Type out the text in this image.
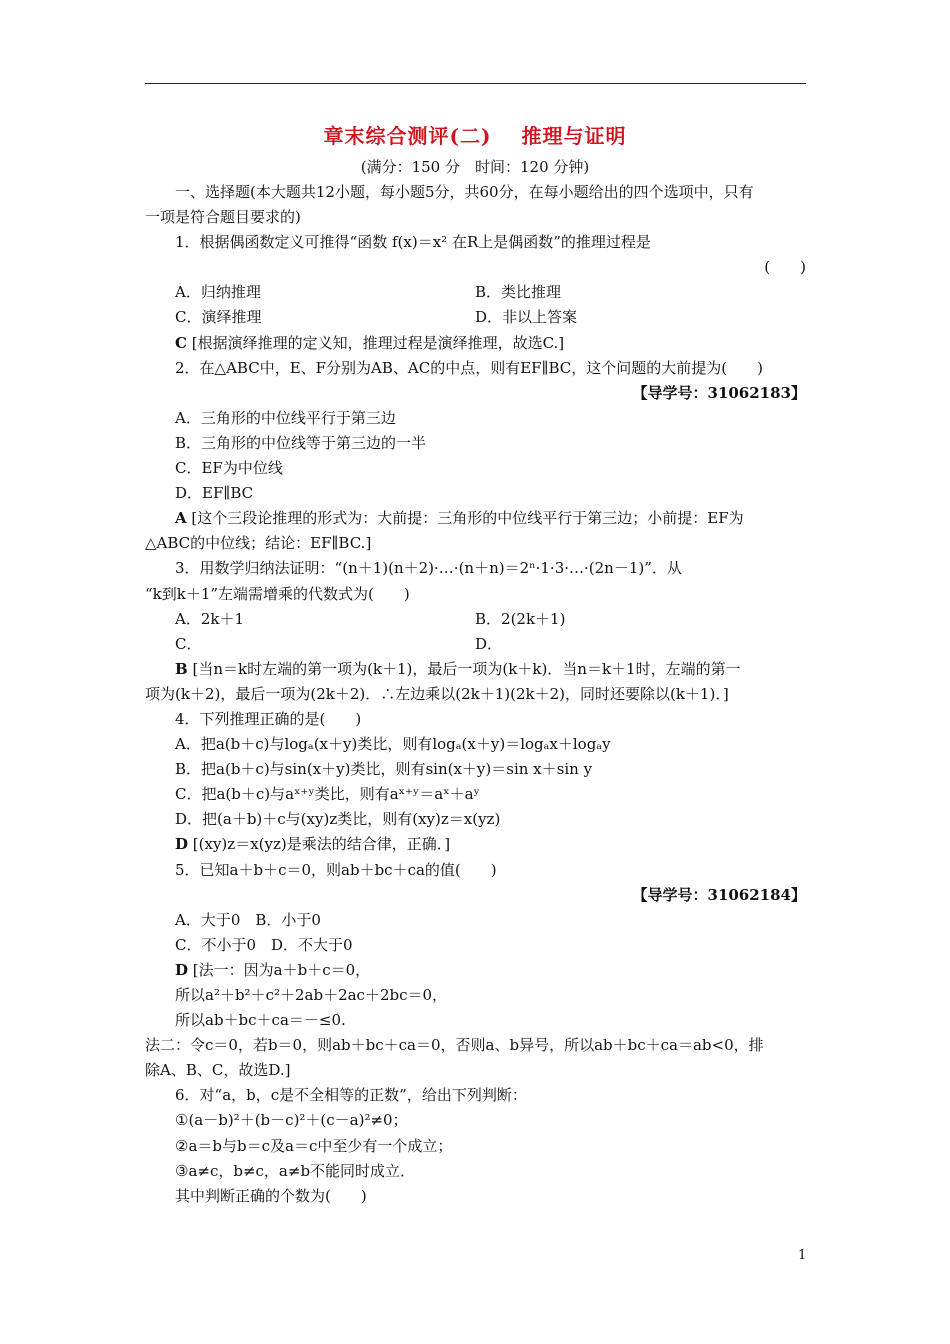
章末综合测评(二) 推理与证明
(满分：150 分　时间：120 分钟)
一、选择题(本大题共12小题，每小题5分，共60分，在每小题给出的四个选项中，只有
一项是符合题目要求的)
1．根据偶函数定义可推得“函数 f(x)＝x² 在R上是偶函数”的推理过程是
(　　)
A．归纳推理	B．类比推理
C．演绎推理	D．非以上答案
C [根据演绎推理的定义知，推理过程是演绎推理，故选C.]
2．在△ABC中，E、F分别为AB、AC的中点，则有EF∥BC，这个问题的大前提为(　　)
【导学号：31062183】
A．三角形的中位线平行于第三边
B．三角形的中位线等于第三边的一半
C．EF为中位线
D．EF∥BC
A [这个三段论推理的形式为：大前提：三角形的中位线平行于第三边；小前提：EF为
△ABC的中位线；结论：EF∥BC.]
3．用数学归纳法证明：“(n＋1)(n＋2)·…·(n＋n)＝2ⁿ·1·3·…·(2n－1)”．从
“k到k＋1”左端需增乘的代数式为(　　)
A．2k＋1	B．2(2k＋1)
C．	D．
B [当n＝k时左端的第一项为(k＋1)，最后一项为(k＋k)．当n＝k＋1时，左端的第一
项为(k＋2)，最后一项为(2k＋2)．∴左边乘以(2k＋1)(2k＋2)，同时还要除以(k＋1)．]
4．下列推理正确的是(　　)
A．把a(b＋c)与logₐ(x＋y)类比，则有logₐ(x＋y)＝logₐx＋logₐy
B．把a(b＋c)与sin(x＋y)类比，则有sin(x＋y)＝sin x＋sin y
C．把a(b＋c)与aˣ⁺ʸ类比，则有aˣ⁺ʸ＝aˣ＋aʸ
D．把(a＋b)＋c与(xy)z类比，则有(xy)z＝x(yz)
D [(xy)z＝x(yz)是乘法的结合律，正确．]
5．已知a＋b＋c＝0，则ab＋bc＋ca的值(　　)
【导学号：31062184】
A．大于0　B．小于0
C．不小于0　D．不大于0
D [法一：因为a＋b＋c＝0，
所以a²＋b²＋c²＋2ab＋2ac＋2bc＝0，
所以ab＋bc＋ca＝－≤0.
法二：令c＝0，若b＝0，则ab＋bc＋ca＝0，否则a、b异号，所以ab＋bc＋ca＝ab<0，排
除A、B、C，故选D.]
6．对“a，b，c是不全相等的正数”，给出下列判断：
①(a－b)²＋(b－c)²＋(c－a)²≠0；
②a＝b与b＝c及a＝c中至少有一个成立；
③a≠c，b≠c，a≠b不能同时成立．
其中判断正确的个数为(　　)
1
